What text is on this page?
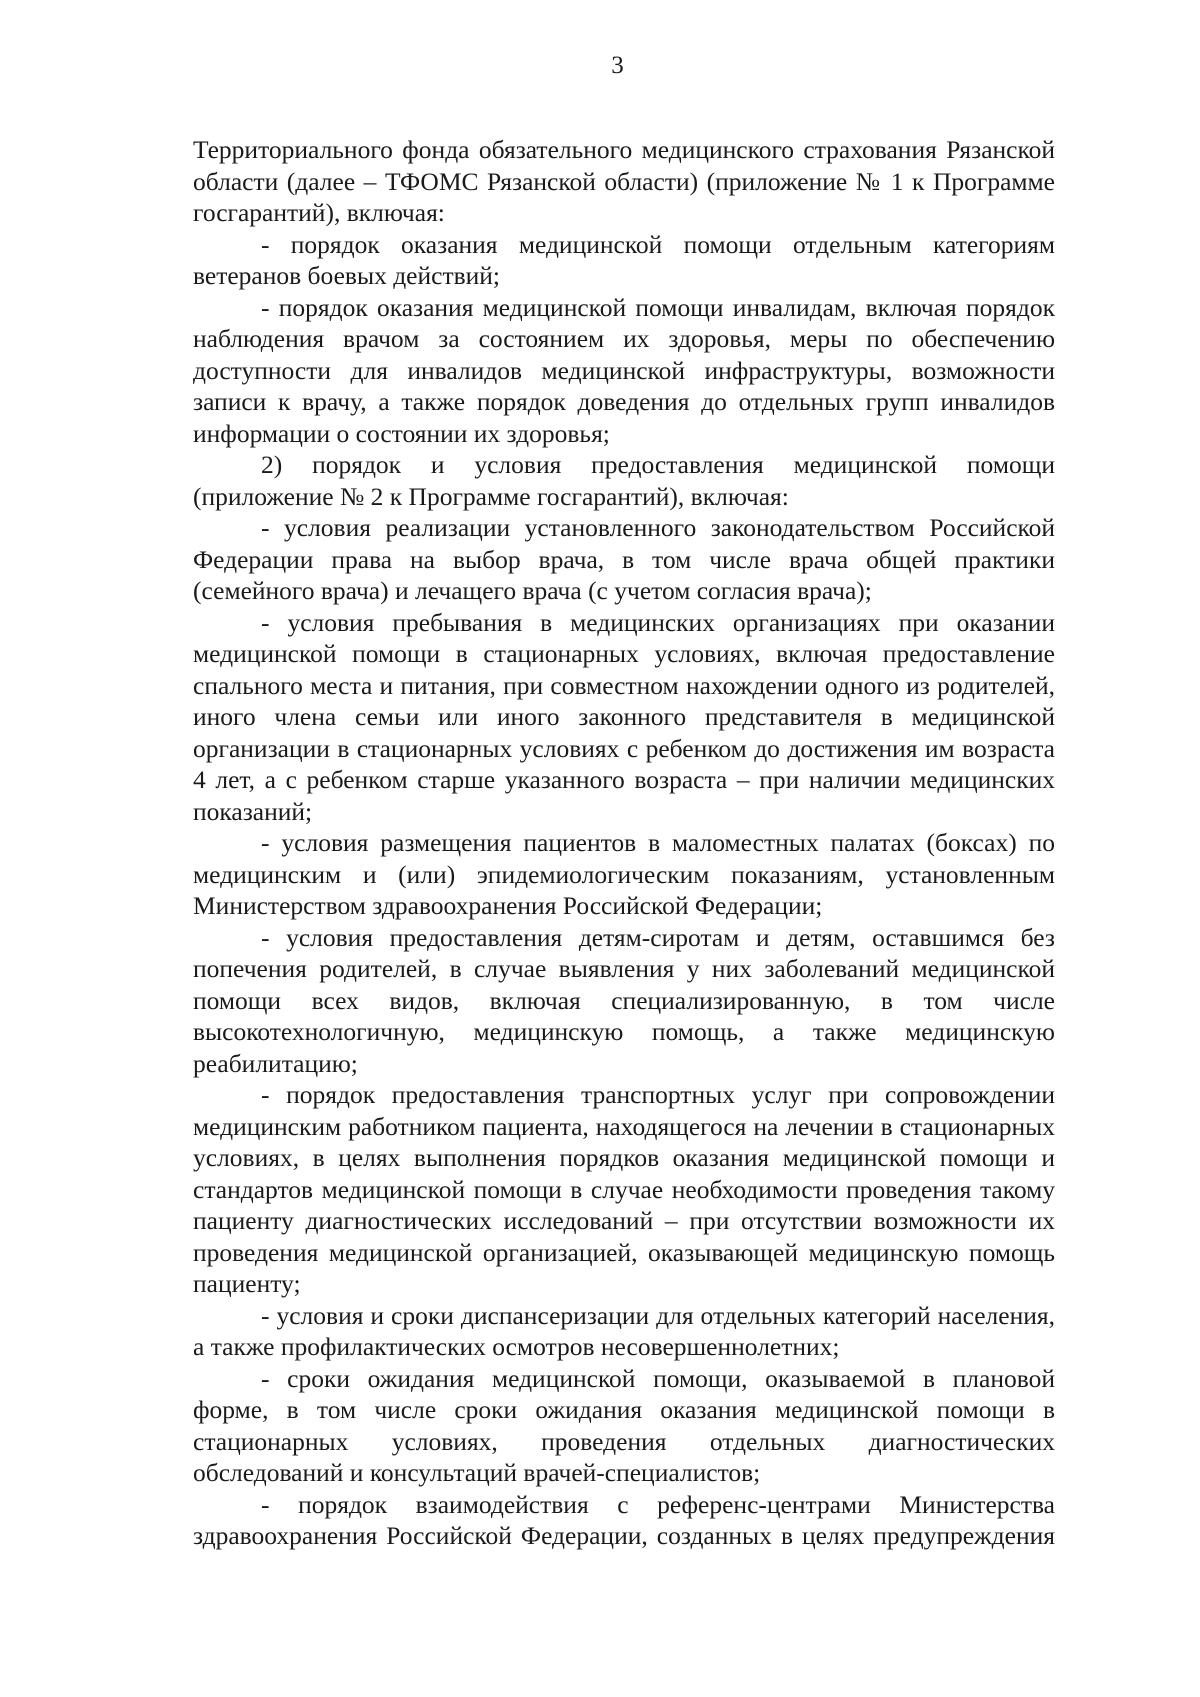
3

Территориального фонда обязательного медицинского страхования Рязанской области (далее – ТФОМС Рязанской области) (приложение № 1 к Программе госгарантий), включая:

- порядок оказания медицинской помощи отдельным категориям ветеранов боевых действий;

- порядок оказания медицинской помощи инвалидам, включая порядок наблюдения врачом за состоянием их здоровья, меры по обеспечению доступности для инвалидов медицинской инфраструктуры, возможности записи к врачу, а также порядок доведения до отдельных групп инвалидов информации о состоянии их здоровья;

2) порядок и условия предоставления медицинской помощи (приложение № 2 к Программе госгарантий), включая:

- условия реализации установленного законодательством Российской Федерации права на выбор врача, в том числе врача общей практики (семейного врача) и лечащего врача (с учетом согласия врача);

- условия пребывания в медицинских организациях при оказании медицинской помощи в стационарных условиях, включая предоставление спального места и питания, при совместном нахождении одного из родителей, иного члена семьи или иного законного представителя в медицинской организации в стационарных условиях с ребенком до достижения им возраста 4 лет, а с ребенком старше указанного возраста – при наличии медицинских показаний;

- условия размещения пациентов в маломестных палатах (боксах) по медицинским и (или) эпидемиологическим показаниям, установленным Министерством здравоохранения Российской Федерации;

- условия предоставления детям-сиротам и детям, оставшимся без попечения родителей, в случае выявления у них заболеваний медицинской помощи всех видов, включая специализированную, в том числе высокотехнологичную, медицинскую помощь, а также медицинскую реабилитацию;

- порядок предоставления транспортных услуг при сопровождении медицинским работником пациента, находящегося на лечении в стационарных условиях, в целях выполнения порядков оказания медицинской помощи и стандартов медицинской помощи в случае необходимости проведения такому пациенту диагностических исследований – при отсутствии возможности их проведения медицинской организацией, оказывающей медицинскую помощь пациенту;

- условия и сроки диспансеризации для отдельных категорий населения, а также профилактических осмотров несовершеннолетних;

- сроки ожидания медицинской помощи, оказываемой в плановой форме, в том числе сроки ожидания оказания медицинской помощи в стационарных условиях, проведения отдельных диагностических обследований и консультаций врачей-специалистов;

- порядок взаимодействия с референс-центрами Министерства здравоохранения Российской Федерации, созданных в целях предупреждения
